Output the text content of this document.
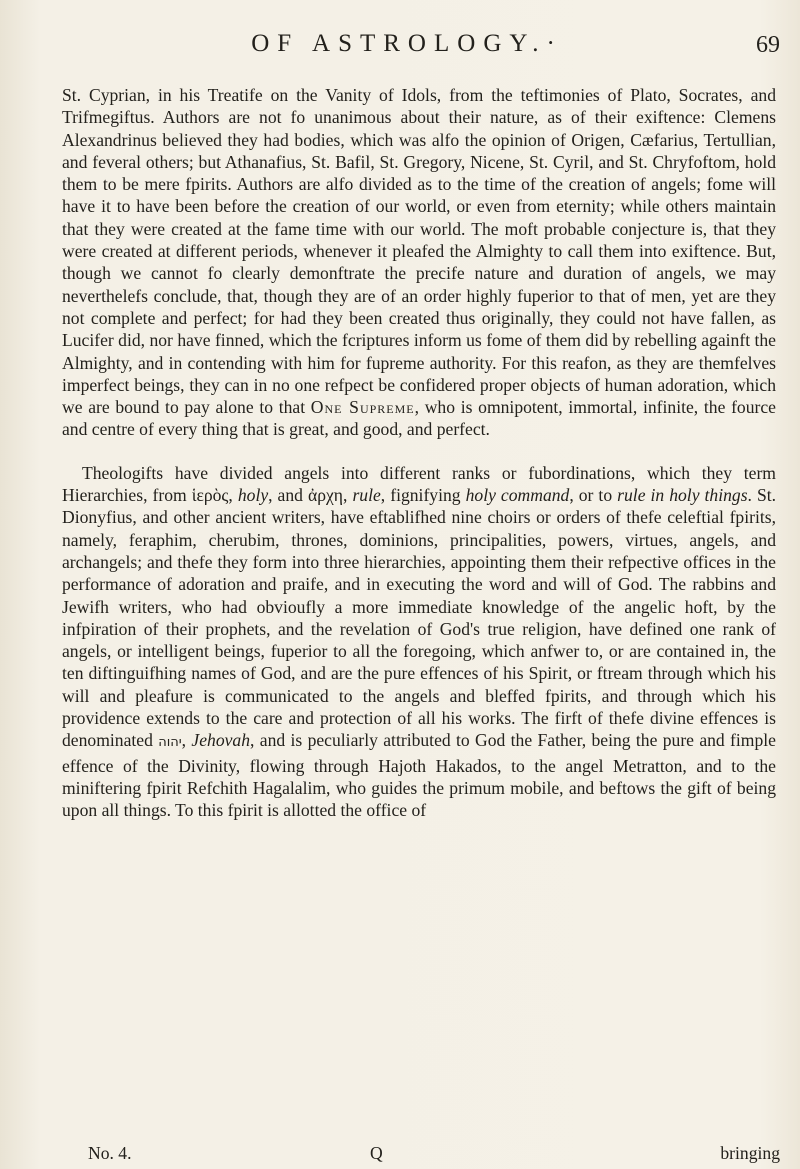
OF ASTROLOGY.·	69

St. Cyprian, in his Treatife on the Vanity of Idols, from the teftimonies of Plato, Socrates, and Trifmegiftus. Authors are not fo unanimous about their nature, as of their exiftence: Clemens Alexandrinus believed they had bodies, which was alfo the opinion of Origen, Cæfarius, Tertullian, and feveral others; but Athanafius, St. Bafil, St. Gregory, Nicene, St. Cyril, and St. Chryfoftom, hold them to be mere fpirits. Authors are alfo divided as to the time of the creation of angels; fome will have it to have been before the creation of our world, or even from eternity; while others maintain that they were created at the fame time with our world. The moft probable conjecture is, that they were created at different periods, whenever it pleafed the Almighty to call them into exiftence. But, though we cannot fo clearly demonftrate the precife nature and duration of angels, we may neverthelefs conclude, that, though they are of an order highly fuperior to that of men, yet are they not complete and perfect; for had they been created thus originally, they could not have fallen, as Lucifer did, nor have finned, which the fcriptures inform us fome of them did by rebelling againft the Almighty, and in contending with him for fupreme authority. For this reafon, as they are themfelves imperfect beings, they can in no one refpect be confidered proper objects of human adoration, which we are bound to pay alone to that One Supreme, who is omnipotent, immortal, infinite, the fource and centre of every thing that is great, and good, and perfect.

Theologifts have divided angels into different ranks or fubordinations, which they term Hierarchies, from ἱερὸς, holy, and ἀρχη, rule, fignifying holy command, or to rule in holy things. St. Dionyfius, and other ancient writers, have eftablifhed nine choirs or orders of thefe celeftial fpirits, namely, feraphim, cherubim, thrones, dominions, principalities, powers, virtues, angels, and archangels; and thefe they form into three hierarchies, appointing them their refpective offices in the performance of adoration and praife, and in executing the word and will of God. The rabbins and Jewifh writers, who had obvioufly a more immediate knowledge of the angelic hoft, by the infpiration of their prophets, and the revelation of God's true religion, have defined one rank of angels, or intelligent beings, fuperior to all the foregoing, which anfwer to, or are contained in, the ten diftinguifhing names of God, and are the pure effences of his Spirit, or ftream through which his will and pleafure is communicated to the angels and bleffed fpirits, and through which his providence extends to the care and protection of all his works. The firft of thefe divine effences is denominated יהוה, Jehovah, and is peculiarly attributed to God the Father, being the pure and fimple effence of the Divinity, flowing through Hajoth Hakados, to the angel Metratton, and to the miniftering fpirit Refchith Hagalalim, who guides the primum mobile, and beftows the gift of being upon all things. To this fpirit is allotted the office of

No. 4.	Q	bringing
